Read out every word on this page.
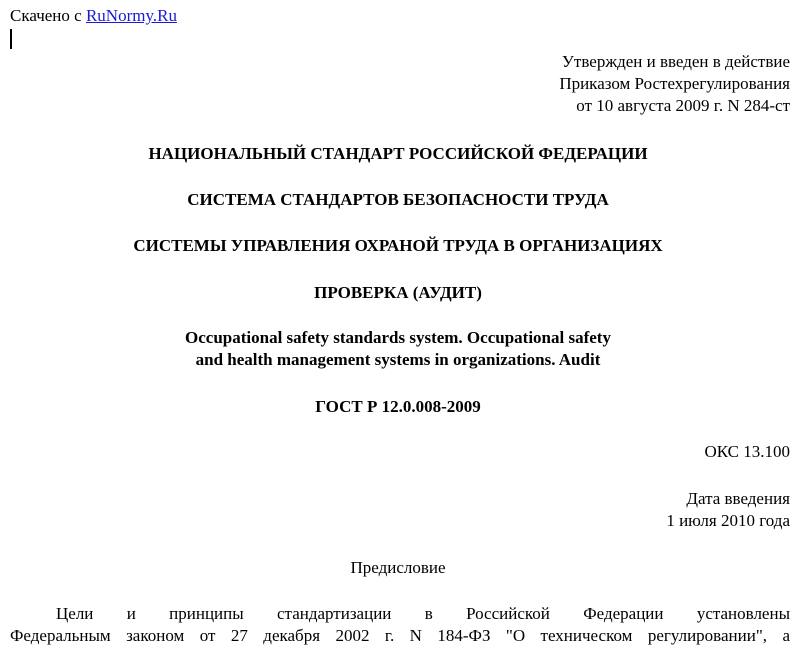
Скачено с RuNormy.Ru
Утвержден и введен в действие
Приказом Ростехрегулирования
от 10 августа 2009 г. N 284-ст
НАЦИОНАЛЬНЫЙ СТАНДАРТ РОССИЙСКОЙ ФЕДЕРАЦИИ
СИСТЕМА СТАНДАРТОВ БЕЗОПАСНОСТИ ТРУДА
СИСТЕМЫ УПРАВЛЕНИЯ ОХРАНОЙ ТРУДА В ОРГАНИЗАЦИЯХ
ПРОВЕРКА (АУДИТ)
Occupational safety standards system. Occupational safety
and health management systems in organizations. Audit
ГОСТ Р 12.0.008-2009
ОКС 13.100
Дата введения
1 июля 2010 года
Предисловие
Цели и принципы стандартизации в Российской Федерации установлены
Федеральным законом от 27 декабря 2002 г. N 184-ФЗ "О техническом регулировании", а
